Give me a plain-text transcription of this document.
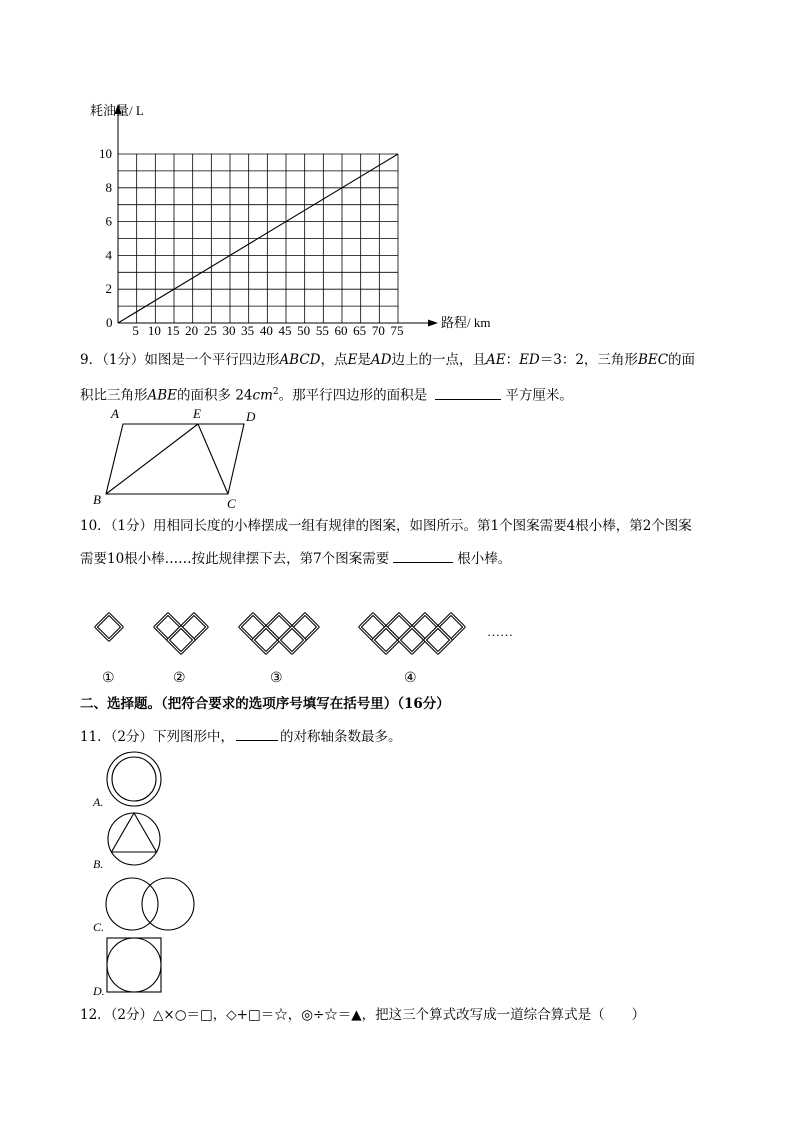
耗油量/ L
路程/ km
0
2
4
6
8
10
5 10 15 20 25 30 35 40 45 50 55 60 65 70 75
9．（1分）如图是一个平行四边形ABCD，点E是AD边上的一点，且AE：ED＝3：2，三角形BEC的面
积比三角形ABE的面积多 $24cm^2$。那平行四边形的面积是	平方厘米。
A	E	D
B	C
10．（1分）用相同长度的小棒摆成一组有规律的图案，如图所示。第1个图案需要4根小棒，第2个图案
需要10根小棒……按此规律摆下去，第7个图案需要	根小棒。
……
①	②	③	④
二、选择题。（把符合要求的选项序号填写在括号里）（16分）
11．（2分）下列图形中，	的对称轴条数最多。
A.
B.
C.
D.
12．（2分）△×○＝□，◇+□＝☆，◎÷☆＝▲，把这三个算式改写成一道综合算式是（　　）
